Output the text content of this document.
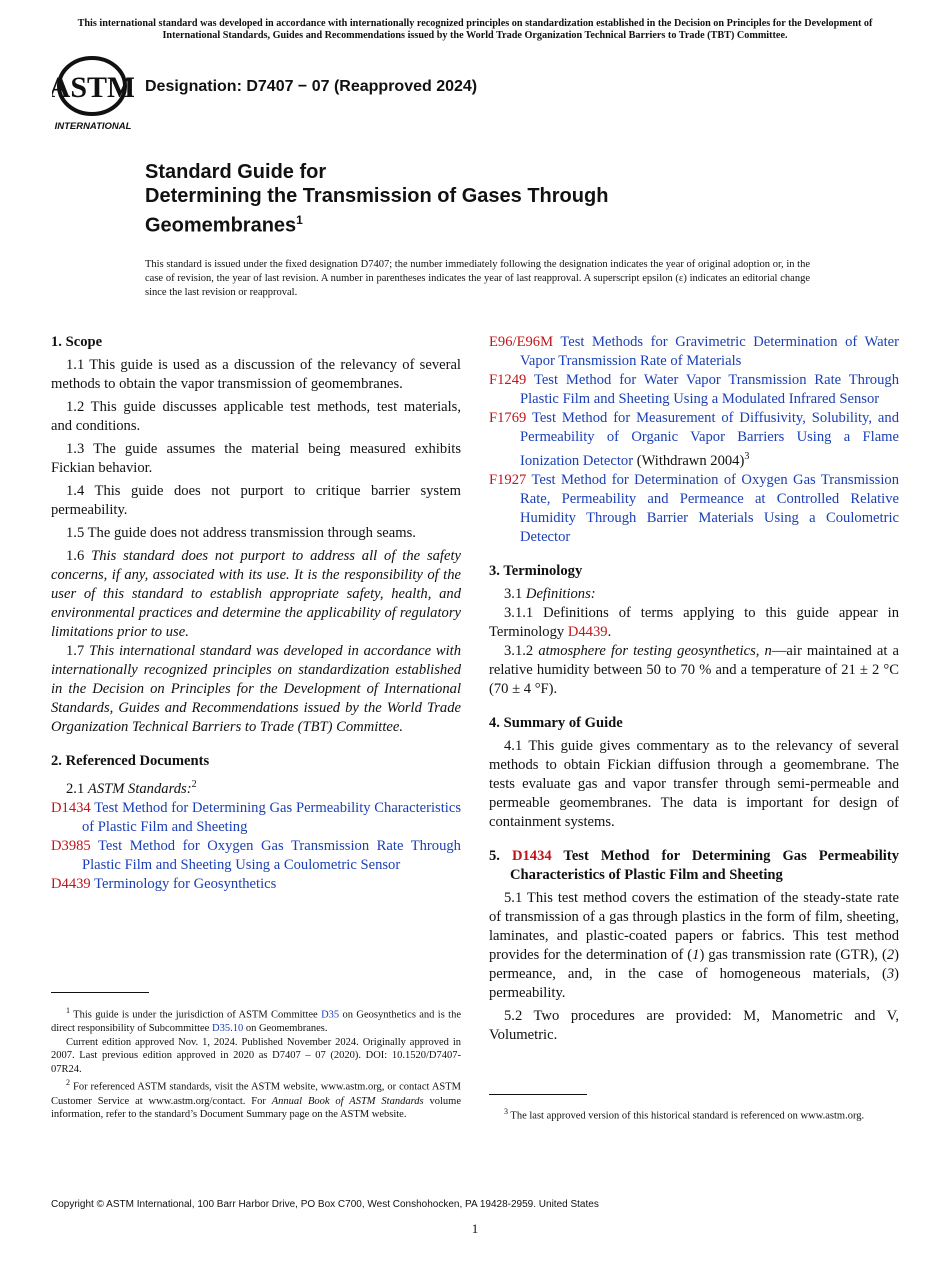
This international standard was developed in accordance with internationally recognized principles on standardization established in the Decision on Principles for the Development of International Standards, Guides and Recommendations issued by the World Trade Organization Technical Barriers to Trade (TBT) Committee.
ASTM
INTERNATIONAL
Designation: D7407 − 07 (Reapproved 2024)
Standard Guide for
Determining the Transmission of Gases Through
Geomembranes$^1$
This standard is issued under the fixed designation D7407; the number immediately following the designation indicates the year of original adoption or, in the case of revision, the year of last revision. A number in parentheses indicates the year of last reapproval. A superscript epsilon (ε) indicates an editorial change since the last revision or reapproval.
1. Scope

1.1 This guide is used as a discussion of the relevancy of several methods to obtain the vapor transmission of geomembranes.

1.2 This guide discusses applicable test methods, test materials, and conditions.

1.3 The guide assumes the material being measured exhibits Fickian behavior.

1.4 This guide does not purport to critique barrier system permeability.

1.5 The guide does not address transmission through seams.

1.6 This standard does not purport to address all of the safety concerns, if any, associated with its use. It is the responsibility of the user of this standard to establish appropriate safety, health, and environmental practices and determine the applicability of regulatory limitations prior to use.

1.7 This international standard was developed in accordance with internationally recognized principles on standardization established in the Decision on Principles for the Development of International Standards, Guides and Recommendations issued by the World Trade Organization Technical Barriers to Trade (TBT) Committee.

2. Referenced Documents

2.1 ASTM Standards:$^2$

D1434 Test Method for Determining Gas Permeability Characteristics of Plastic Film and Sheeting

D3985 Test Method for Oxygen Gas Transmission Rate Through Plastic Film and Sheeting Using a Coulometric Sensor

D4439 Terminology for Geosynthetics

$^1$ This guide is under the jurisdiction of ASTM Committee D35 on Geosynthetics and is the direct responsibility of Subcommittee D35.10 on Geomembranes.

Current edition approved Nov. 1, 2024. Published November 2024. Originally approved in 2007. Last previous edition approved in 2020 as D7407 – 07 (2020). DOI: 10.1520/D7407-07R24.

$^2$ For referenced ASTM standards, visit the ASTM website, www.astm.org, or contact ASTM Customer Service at www.astm.org/contact. For Annual Book of ASTM Standards volume information, refer to the standard’s Document Summary page on the ASTM website.

E96/E96M Test Methods for Gravimetric Determination of Water Vapor Transmission Rate of Materials

F1249 Test Method for Water Vapor Transmission Rate Through Plastic Film and Sheeting Using a Modulated Infrared Sensor

F1769 Test Method for Measurement of Diffusivity, Solubility, and Permeability of Organic Vapor Barriers Using a Flame Ionization Detector (Withdrawn 2004)$^3$

F1927 Test Method for Determination of Oxygen Gas Transmission Rate, Permeability and Permeance at Controlled Relative Humidity Through Barrier Materials Using a Coulometric Detector

3. Terminology

3.1 Definitions:

3.1.1 Definitions of terms applying to this guide appear in Terminology D4439.

3.1.2 atmosphere for testing geosynthetics, n—air maintained at a relative humidity between 50 to 70 % and a temperature of 21 ± 2 °C (70 ± 4 °F).

4. Summary of Guide

4.1 This guide gives commentary as to the relevancy of several methods to obtain Fickian diffusion through a geomembrane. The tests evaluate gas and vapor transfer through semi-permeable and permeable geomembranes. The data is important for design of containment systems.

5. D1434 Test Method for Determining Gas Permeability Characteristics of Plastic Film and Sheeting

5.1 This test method covers the estimation of the steady-state rate of transmission of a gas through plastics in the form of film, sheeting, laminates, and plastic-coated papers or fabrics. This test method provides for the determination of (1) gas transmission rate (GTR), (2) permeance, and, in the case of homogeneous materials, (3) permeability.

5.2 Two procedures are provided: M, Manometric and V, Volumetric.

$^3$ The last approved version of this historical standard is referenced on www.astm.org.

Copyright © ASTM International, 100 Barr Harbor Drive, PO Box C700, West Conshohocken, PA 19428-2959. United States
1
